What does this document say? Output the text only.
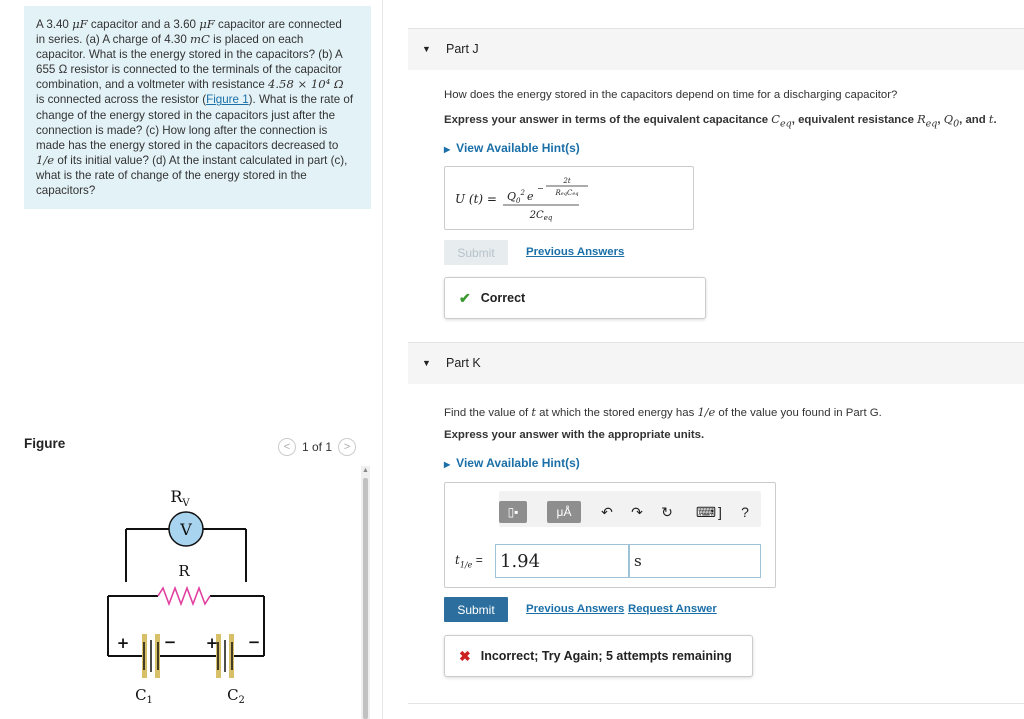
A 3.40 μF capacitor and a 3.60 μF capacitor are connected
in series. (a) A charge of 4.30 mC is placed on each
capacitor. What is the energy stored in the capacitors? (b) A
655 Ω resistor is connected to the terminals of the capacitor
combination, and a voltmeter with resistance 4.58 × 10⁴ Ω
is connected across the resistor (Figure 1). What is the rate of
change of the energy stored in the capacitors just after the
connection is made? (c) How long after the connection is
made has the energy stored in the capacitors decreased to
1/e of its initial value? (d) At the instant calculated in part (c),
what is the rate of change of the energy stored in the
capacitors?
Figure	< 1 of 1	>
▲
V
$R_V$
R
+ −
$C_1$
+ −
$C_2$
▼ Part J
How does the energy stored in the capacitors depend on time for a discharging capacitor?
Express your answer in terms of the equivalent capacitance $C_{eq}$, equivalent resistance $R_{eq}$, $Q_0$, and t.
▶ View Available Hint(s)
U $(t) = Q_0^2$ e
−
2t
ReqCeq
$2C_{eq}$
Submit	Previous Answers
✔ Correct
▼ Part K
Find the value of t at which the stored energy has 1/e of the value you found in Part G.
Express your answer with the appropriate units.
▶ View Available Hint(s)
▯▪	μÅ	↶	↷	↻	⌨ ]	?
$t_{1/e} = 1.94$	s
Submit	Previous Answers Request Answer
✖ Incorrect; Try Again; 5 attempts remaining
